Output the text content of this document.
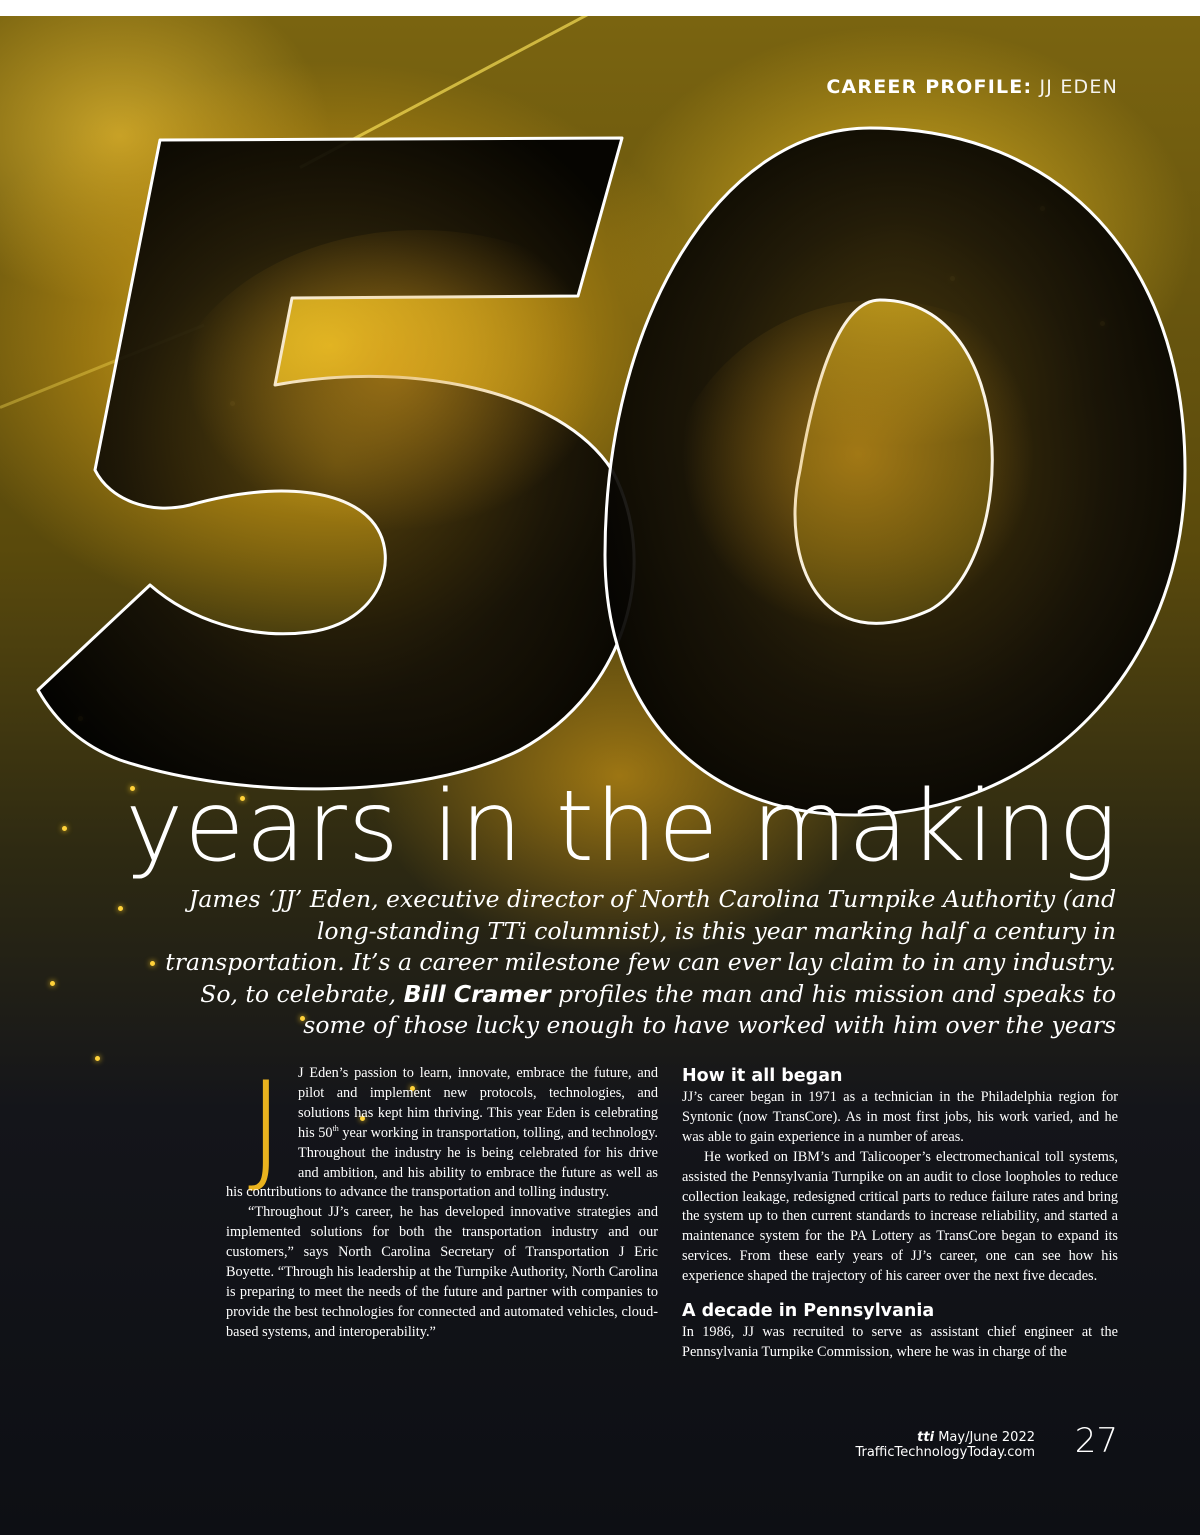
CAREER PROFILE: JJ EDEN
years in the making

James ‘JJ’ Eden, executive director of North Carolina Turnpike Authority (and long-standing TTi columnist), is this year marking half a century in transportation. It’s a career milestone few can ever lay claim to in any industry. So, to celebrate, Bill Cramer profiles the man and his mission and speaks to some of those lucky enough to have worked with him over the years

J J Eden’s passion to learn, innovate, embrace the future, and pilot and implement new protocols, technologies, and solutions has kept him thriving. This year Eden is celebrating his 50th year working in transportation, tolling, and technology. Throughout the industry he is being celebrated for his drive and ambition, and his ability to embrace the future as well as his contributions to advance the transportation and tolling industry.

“Throughout JJ’s career, he has developed innovative strategies and implemented solutions for both the transportation industry and our customers,” says North Carolina Secretary of Transportation J Eric Boyette. “Through his leadership at the Turnpike Authority, North Carolina is preparing to meet the needs of the future and partner with companies to provide the best technologies for connected and automated vehicles, cloud-based systems, and interoperability.”

How it all began

JJ’s career began in 1971 as a technician in the Philadelphia region for Syntonic (now TransCore). As in most first jobs, his work varied, and he was able to gain experience in a number of areas.

He worked on IBM’s and Talicooper’s electromechanical toll systems, assisted the Pennsylvania Turnpike on an audit to close loopholes to reduce collection leakage, redesigned critical parts to reduce failure rates and bring the system up to then current standards to increase reliability, and started a maintenance system for the PA Lottery as TransCore began to expand its services. From these early years of JJ’s career, one can see how his experience shaped the trajectory of his career over the next five decades.

A decade in Pennsylvania

In 1986, JJ was recruited to serve as assistant chief engineer at the Pennsylvania Turnpike Commission, where he was in charge of the

tti May/June 2022
TrafficTechnologyToday.com 27
